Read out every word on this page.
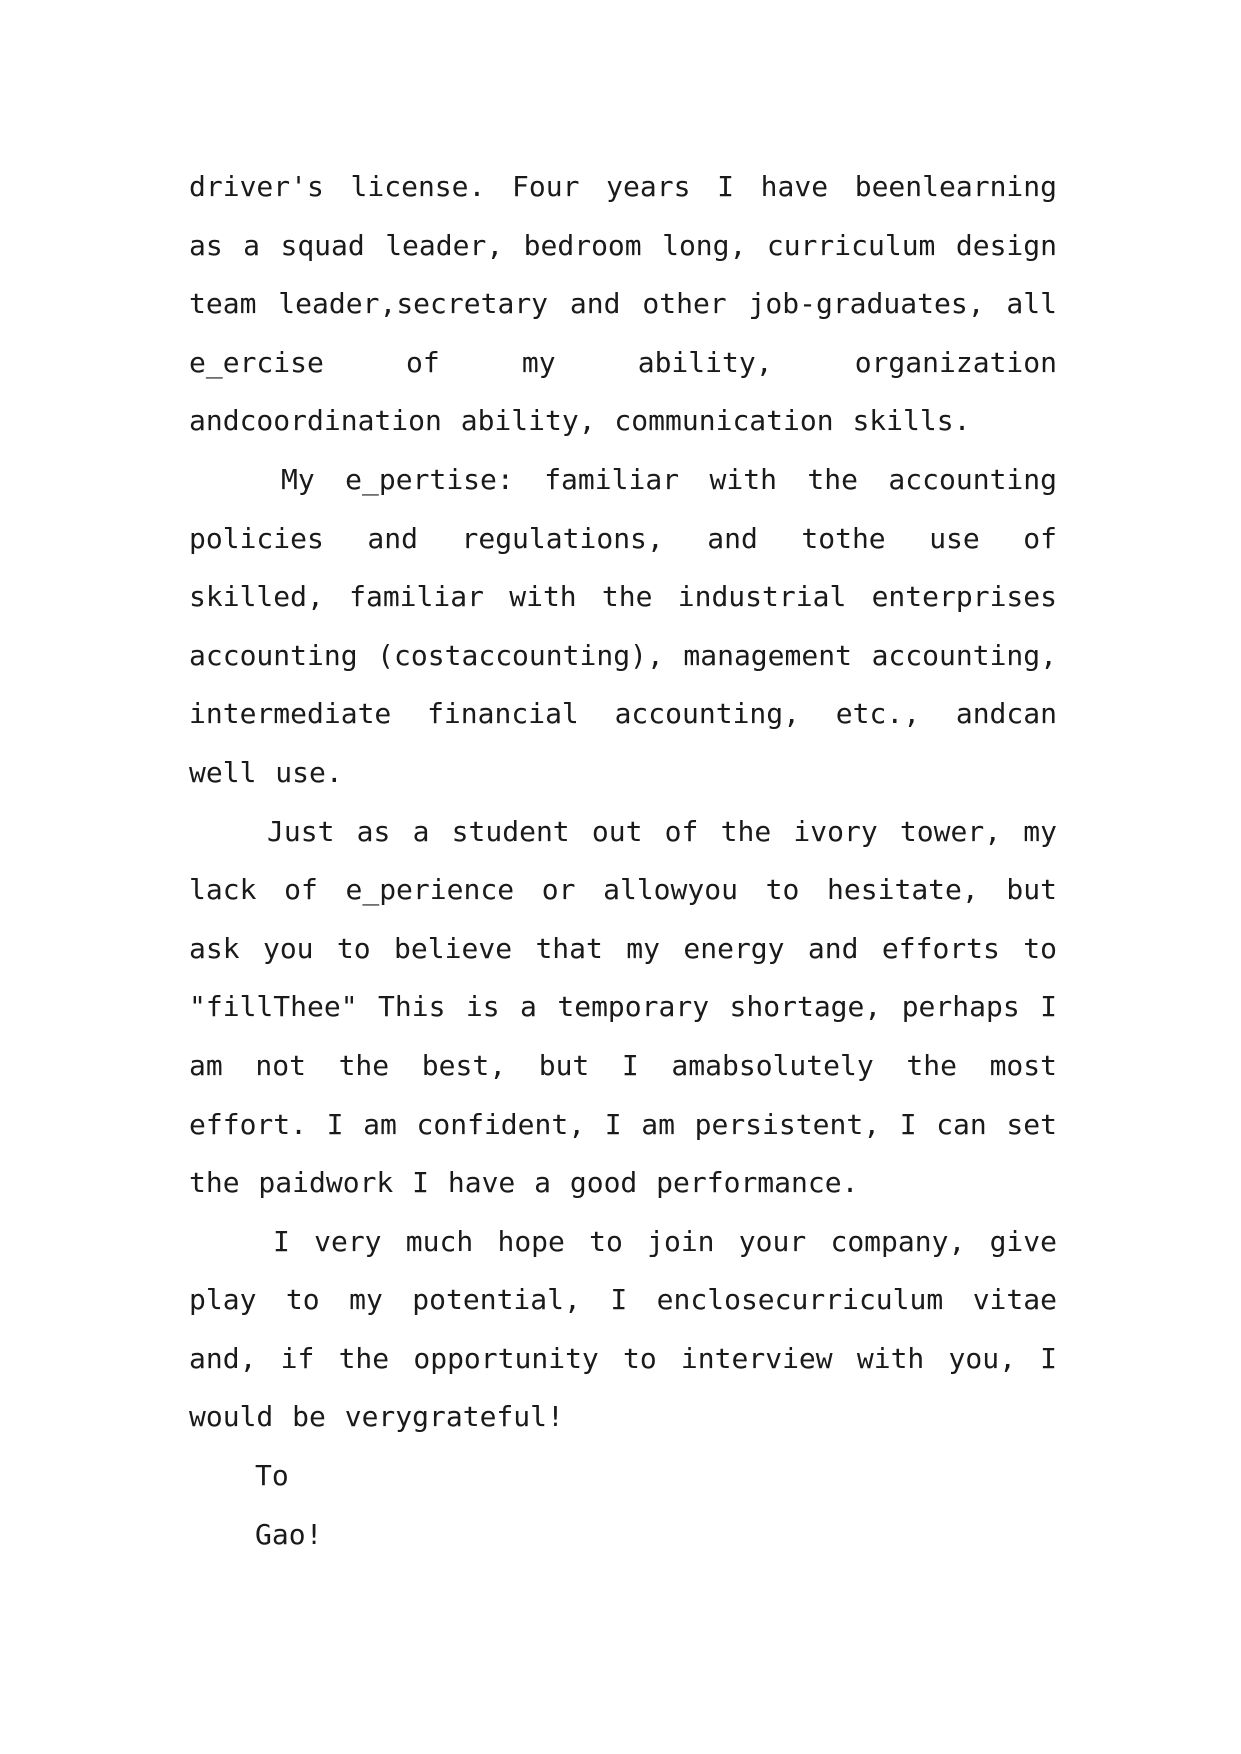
driver's license. Four years I have beenlearning as a squad leader, bedroom long, curriculum design team leader,secretary and other job-graduates, all e_ercise of my ability, organization andcoordination ability, communication skills.

My e_pertise: familiar with the accounting policies and regulations, and tothe use of skilled, familiar with the industrial enterprises accounting (costaccounting), management accounting, intermediate financial accounting, etc., andcan well use.

Just as a student out of the ivory tower, my lack of e_perience or allowyou to hesitate, but ask you to believe that my energy and efforts to "fillThee" This is a temporary shortage, perhaps I am not the best, but I amabsolutely the most effort. I am confident, I am persistent, I can set the paidwork I have a good performance.

I very much hope to join your company, give play to my potential, I enclosecurriculum vitae and, if the opportunity to interview with you, I would be verygrateful!

To

Gao!
